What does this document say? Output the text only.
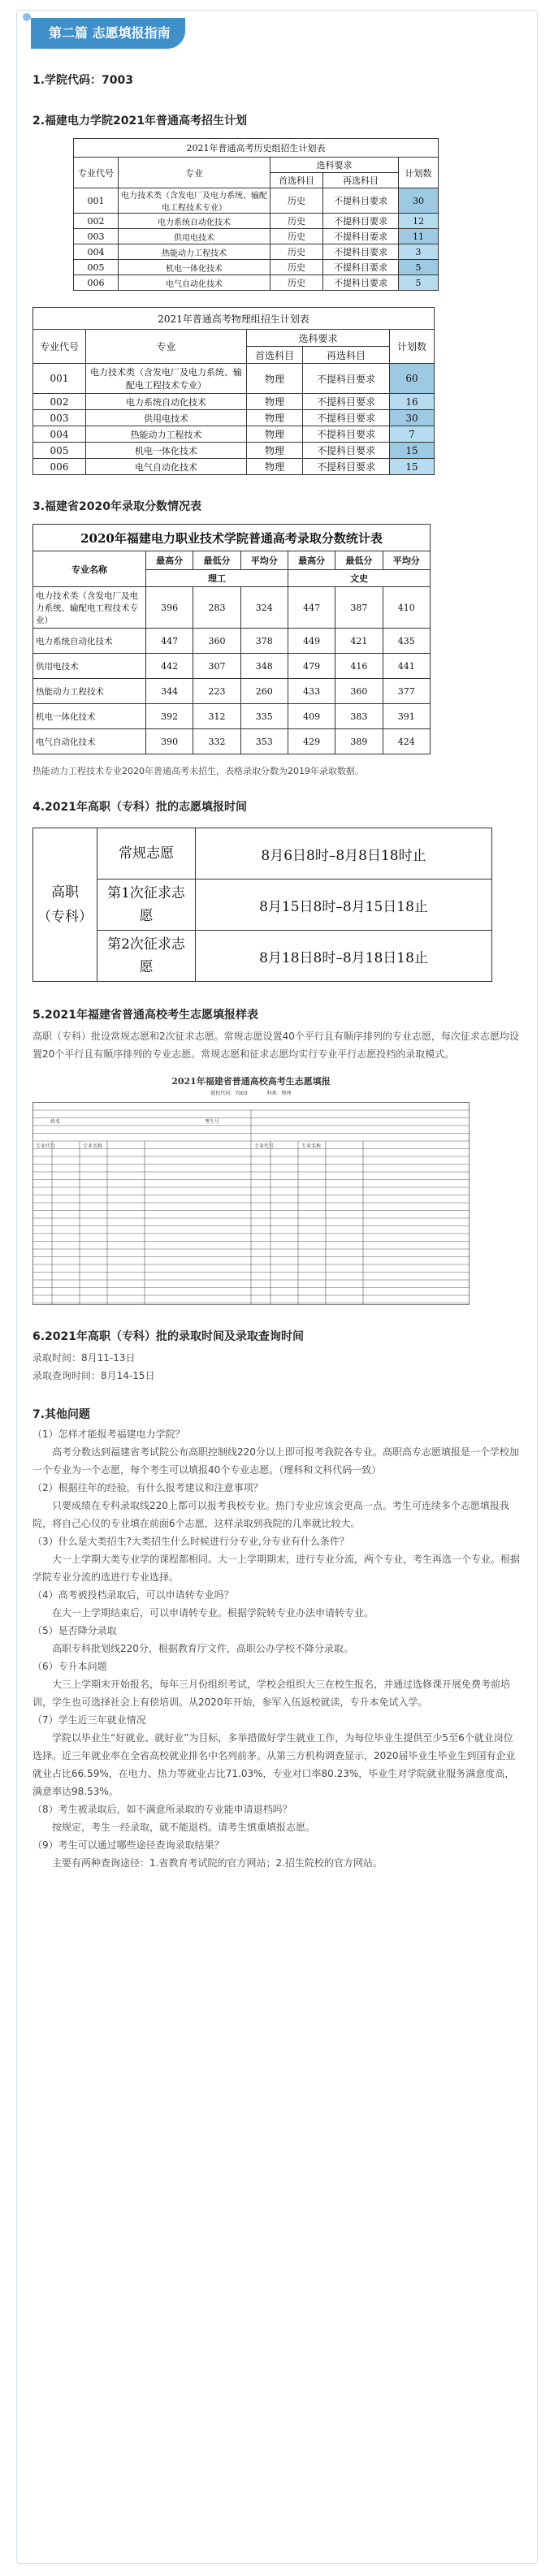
第二篇 志愿填报指南

1.学院代码：7003

2.福建电力学院2021年普通高考招生计划

2021年普通高考历史组招生计划表				
专业代号	专业	选科要求		计划数
		首选科目	再选科目	
001	电力技术类（含发电厂及电力系统、输配电工程技术专业）	历史	不提科目要求	30
002	电力系统自动化技术	历史	不提科目要求	12
003	供用电技术	历史	不提科目要求	11
004	热能动力工程技术	历史	不提科目要求	3
005	机电一体化技术	历史	不提科目要求	5
006	电气自动化技术	历史	不提科目要求	5
2021年普通高考物理组招生计划表				
专业代号	专业	选科要求		计划数
		首选科目	再选科目	
001	电力技术类（含发电厂及电力系统、输配电工程技术专业）	物理	不提科目要求	60
002	电力系统自动化技术	物理	不提科目要求	16
003	供用电技术	物理	不提科目要求	30
004	热能动力工程技术	物理	不提科目要求	7
005	机电一体化技术	物理	不提科目要求	15
006	电气自动化技术	物理	不提科目要求	15

3.福建省2020年录取分数情况表

2020年福建电力职业技术学院普通高考录取分数统计表						
专业名称	最高分	最低分	平均分	最高分	最低分	平均分
	理工			文史		
电力技术类（含发电厂及电力系统、输配电工程技术专业）	396	283	324	447	387	410
电力系统自动化技术	447	360	378	449	421	435
供用电技术	442	307	348	479	416	441
热能动力工程技术	344	223	260	433	360	377
机电一体化技术	392	312	335	409	383	391
电气自动化技术	390	332	353	429	389	424

热能动力工程技术专业2020年普通高考未招生，表格录取分数为2019年录取数据。

4.2021年高职（专科）批的志愿填报时间

高职
（专科）	常规志愿	8月6日8时–8月8日18时止
	第1次征求志愿	8月15日8时–8月15日18止
	第2次征求志愿	8月18日8时–8月18日18止

5.2021年福建省普通高校考生志愿填报样表

高职（专科）批设常规志愿和2次征求志愿。常规志愿设置40个平行且有顺序排列的专业志愿，每次征求志愿均设置20个平行且有顺序排列的专业志愿。常规志愿和征求志愿均实行专业平行志愿投档的录取模式。

2021年福建省普通高校高考生志愿填报
院校代码：7003	科类：物理
姓名	考生号
专业代号	专业名称	专业代号	专业名称

6.2021年高职（专科）批的录取时间及录取查询时间

录取时间：8月11-13日

录取查询时间：8月14-15日

7.其他问题

（1）怎样才能报考福建电力学院？

高考分数达到福建省考试院公布高职控制线220分以上即可报考我院各专业。高职高专志愿填报是一个学校加一个专业为一个志愿，每个考生可以填报40个专业志愿。（理科和文科代码一致）

（2）根据往年的经验，有什么报考建议和注意事项？

只要成绩在专科录取线220上都可以报考我校专业。热门专业应该会更高一点。考生可连续多个志愿填报我院，将自己心仪的专业填在前面6个志愿，这样录取到我院的几率就比较大。

（3）什么是大类招生?大类招生什么时候进行分专业,分专业有什么条件？

大一上学期大类专业学的课程都相同。大一上学期期末，进行专业分流，两个专业，考生再选一个专业。根据学院专业分流的选进行专业选择。

（4）高考被投档录取后，可以申请转专业吗？

在大一上学期结束后，可以申请转专业。根据学院转专业办法申请转专业。

（5）是否降分录取

高职专科批划线220分，根据教育厅文件，高职公办学校不降分录取。

（6）专升本问题

大三上学期末开始报名，每年三月份组织考试，学校会组织大三在校生报名，并通过选修课开展免费考前培训，学生也可选择社会上有偿培训。从2020年开始，参军入伍返校就读，专升本免试入学。

（7）学生近三年就业情况

学院以毕业生“好就业、就好业”为目标，多举措做好学生就业工作，为每位毕业生提供至少5至6个就业岗位选择。近三年就业率在全省高校就业排名中名列前茅。从第三方机构调查显示，2020届毕业生毕业生到国有企业就业占比66.59%，在电力、热力等就业占比71.03%，专业对口率80.23%，毕业生对学院就业服务满意度高，满意率达98.53%。

（8）考生被录取后，如不满意所录取的专业能申请退档吗？

按规定，考生一经录取，就不能退档。请考生慎重填报志愿。

（9）考生可以通过哪些途径查询录取结果？

主要有两种查询途径：1.省教育考试院的官方网站；2.招生院校的官方网站。
